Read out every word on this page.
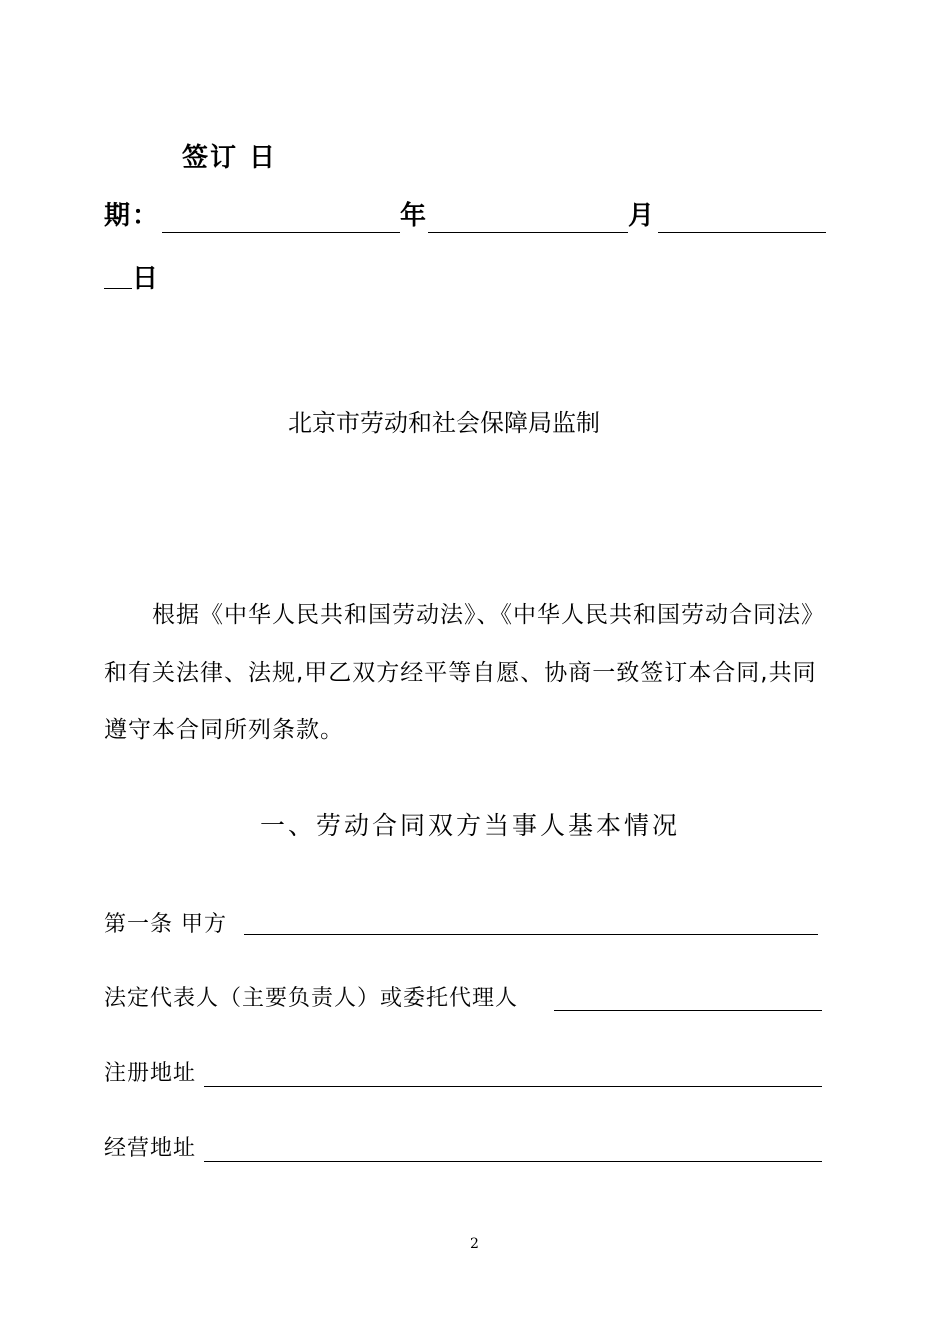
签订 日
期：	年	月
日
北京市劳动和社会保障局监制
根据《中华人民共和国劳动法》、《中华人民共和国劳动合同法》
和有关法律、法规,甲乙双方经平等自愿、协商一致签订本合同,共同
遵守本合同所列条款。
一、劳动合同双方当事人基本情况
第一条 甲方
法定代表人（主要负责人）或委托代理人
注册地址
经营地址
2
